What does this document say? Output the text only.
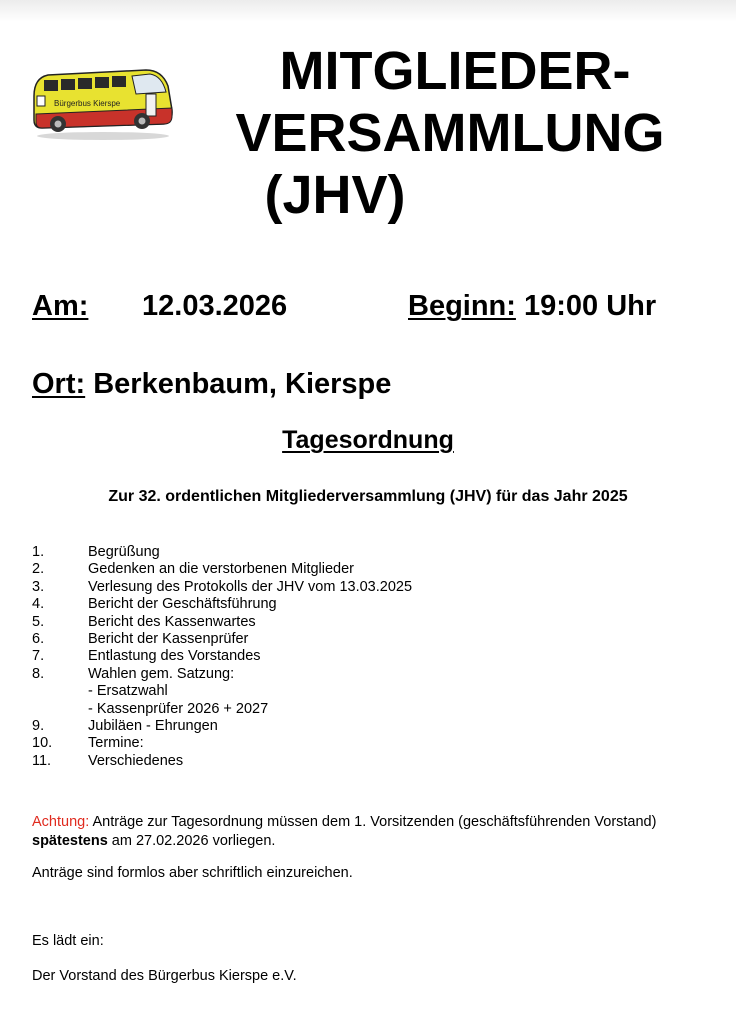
Bürgerbus Kierspe
MITGLIEDER-
VERSAMMLUNG
(JHV)
Am: 12.03.2026	Beginn: 19:00 Uhr
Ort: Berkenbaum, Kierspe
Tagesordnung
Zur 32. ordentlichen Mitgliederversammlung (JHV) für das Jahr 2025
1.	Begrüßung
2.	Gedenken an die verstorbenen Mitglieder
3.	Verlesung des Protokolls der JHV vom 13.03.2025
4.	Bericht der Geschäftsführung
5.	Bericht des Kassenwartes
6.	Bericht der Kassenprüfer
7.	Entlastung des Vorstandes
8.	Wahlen gem. Satzung:
- Ersatzwahl
- Kassenprüfer 2026 + 2027
9.	Jubiläen - Ehrungen
10.	Termine:
11.	Verschiedenes
Achtung: Anträge zur Tagesordnung müssen dem 1. Vorsitzenden (geschäftsführenden Vorstand)
spätestens am 27.02.2026 vorliegen.
Anträge sind formlos aber schriftlich einzureichen.
Es lädt ein:
Der Vorstand des Bürgerbus Kierspe e.V.
